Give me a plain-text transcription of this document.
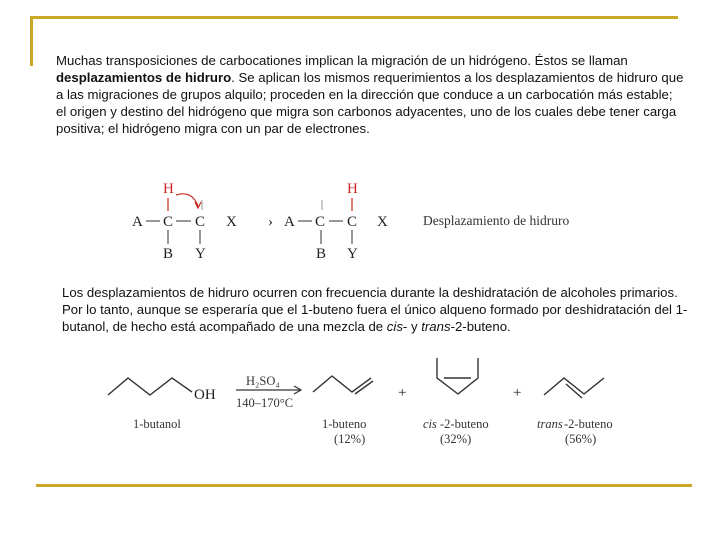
Muchas transposiciones de carbocationes implican la migración de un hidrógeno. Éstos se llaman desplazamientos de hidruro. Se aplican los mismos requerimientos a los desplazamientos de hidruro que a las migraciones de grupos alquilo; proceden en la dirección que conduce a un carbocatión más estable; el origen y destino del hidrógeno que migra son carbonos adyacentes, uno de los cuales debe tener carga positiva; el hidrógeno migra con un par de electrones.
H
A C C X
B Y
›
H
A C C X
B Y
Desplazamiento de hidruro
OH
1-butanol
H₂SO₄
140–170°C
1-buteno
(12%)
+
cis -2-buteno
(32%)
+
trans -2-buteno
(56%)
Los desplazamientos de hidruro ocurren con frecuencia durante la deshidratación de alcoholes primarios. Por lo tanto, aunque se esperaría que el 1-buteno fuera el único alqueno formado por deshidratación del 1-butanol, de hecho está acompañado de una mezcla de cis- y trans-2-buteno.
